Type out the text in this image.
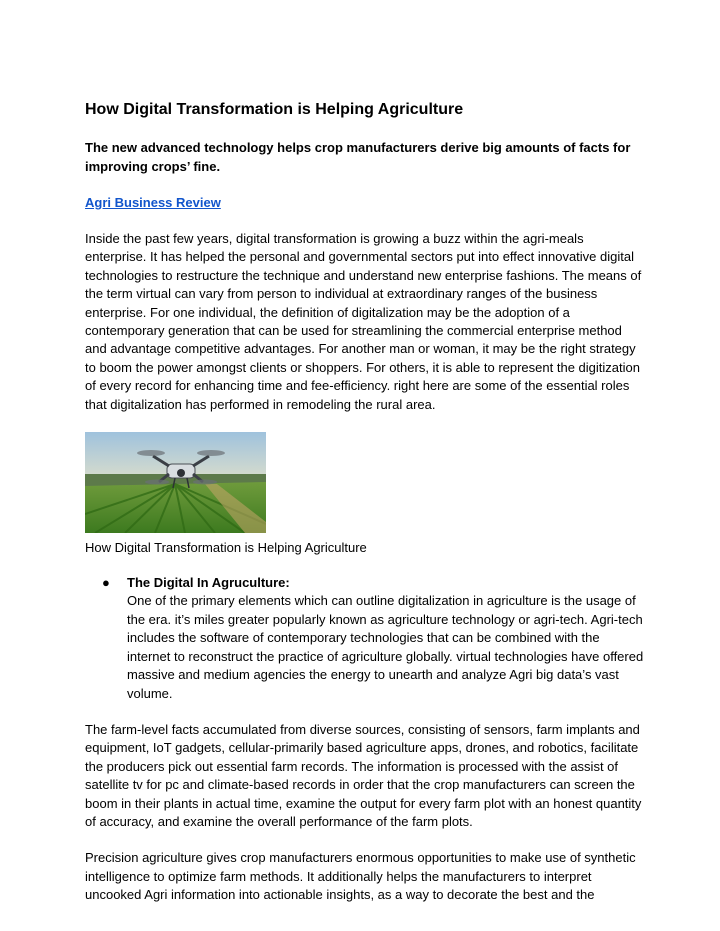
How Digital Transformation is Helping Agriculture

The new advanced technology helps crop manufacturers derive big amounts of facts for improving crops’ fine.

Agri Business Review

Inside the past few years, digital transformation is growing a buzz within the agri-meals enterprise. It has helped the personal and governmental sectors put into effect innovative digital technologies to restructure the technique and understand new enterprise fashions. The means of the term virtual can vary from person to individual at extraordinary ranges of the business enterprise. For one individual, the definition of digitalization may be the adoption of a contemporary generation that can be used for streamlining the commercial enterprise method and advantage competitive advantages. For another man or woman, it may be the right strategy to boom the power amongst clients or shoppers. For others, it is able to represent the digitization of every record for enhancing time and fee-efficiency. right here are some of the essential roles that digitalization has performed in remodeling the rural area.

How Digital Transformation is Helping Agriculture

● The Digital In Agruculture:
One of the primary elements which can outline digitalization in agriculture is the usage of the era. it’s miles greater popularly known as agriculture technology or agri-tech. Agri-tech includes the software of contemporary technologies that can be combined with the internet to reconstruct the practice of agriculture globally. virtual technologies have offered massive and medium agencies the energy to unearth and analyze Agri big data’s vast volume.

The farm-level facts accumulated from diverse sources, consisting of sensors, farm implants and equipment, IoT gadgets, cellular-primarily based agriculture apps, drones, and robotics, facilitate the producers pick out essential farm records. The information is processed with the assist of satellite tv for pc and climate-based records in order that the crop manufacturers can screen the boom in their plants in actual time, examine the output for every farm plot with an honest quantity of accuracy, and examine the overall performance of the farm plots.

Precision agriculture gives crop manufacturers enormous opportunities to make use of synthetic intelligence to optimize farm methods. It additionally helps the manufacturers to interpret uncooked Agri information into actionable insights, as a way to decorate the best and the
